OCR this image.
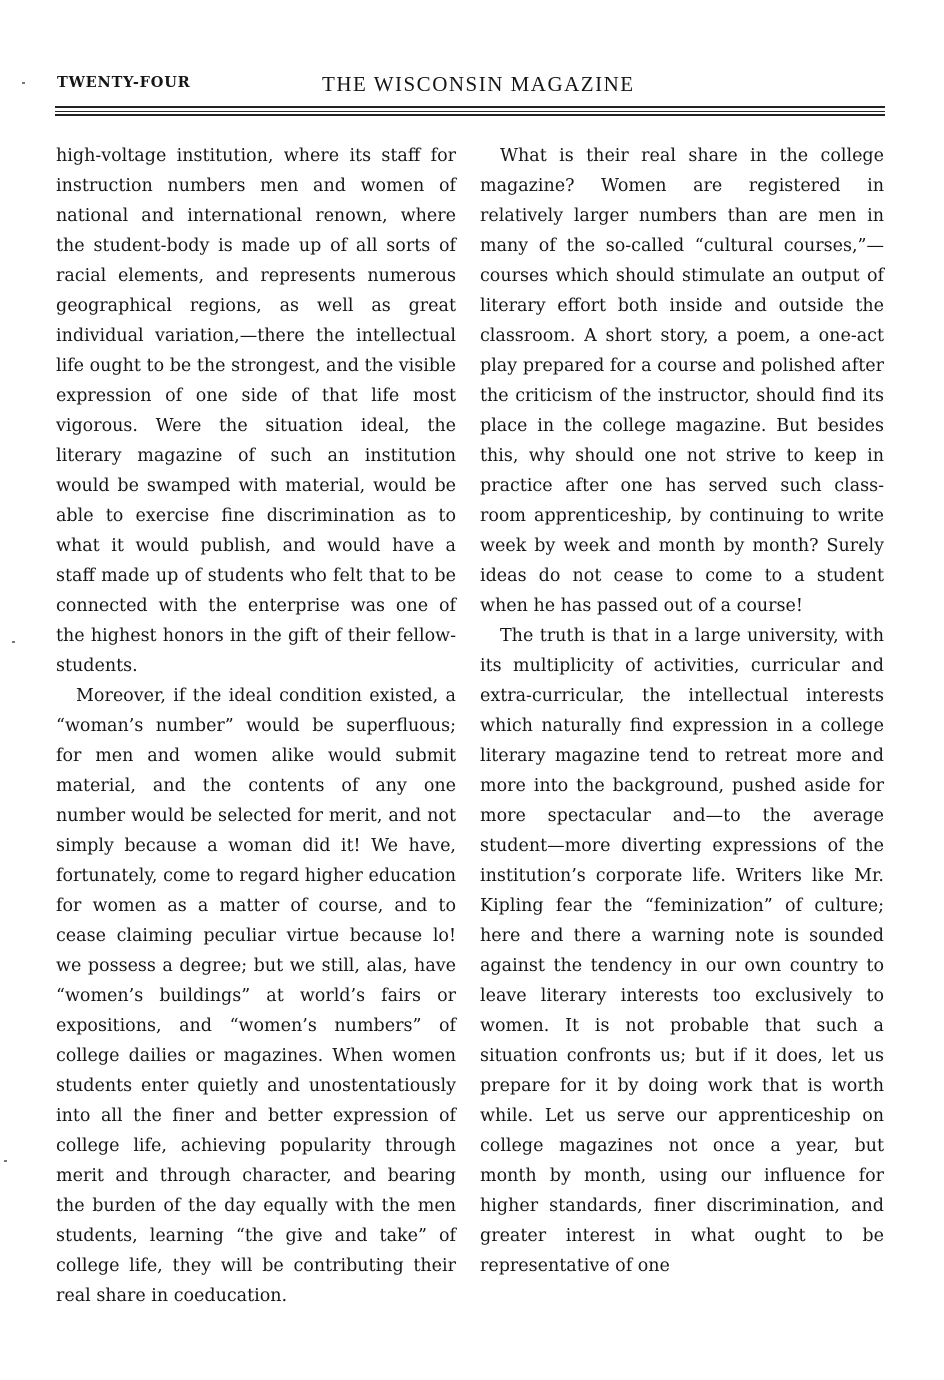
TWENTY-FOUR	THE WISCONSIN MAGAZINE

high-voltage institution, where its staff for instruction numbers men and women of national and international renown, where the student-body is made up of all sorts of racial elements, and represents numerous geographical regions, as well as great individual variation,—there the intellectual life ought to be the strongest, and the visible expression of one side of that life most vigorous. Were the situation ideal, the literary magazine of such an institution would be swamped with material, would be able to exercise fine discrimination as to what it would publish, and would have a staff made up of students who felt that to be connected with the enterprise was one of the highest honors in the gift of their fellow-students.

Moreover, if the ideal condition existed, a “woman’s number” would be superfluous; for men and women alike would submit material, and the contents of any one number would be selected for merit, and not simply because a woman did it! We have, fortunately, come to regard higher education for women as a matter of course, and to cease claiming peculiar virtue because lo! we possess a degree; but we still, alas, have “women’s buildings” at world’s fairs or expositions, and “women’s numbers” of college dailies or magazines. When women students enter quietly and unostentatiously into all the finer and better expression of college life, achieving popularity through merit and through character, and bearing the burden of the day equally with the men students, learning “the give and take” of college life, they will be contributing their real share in coeducation.

What is their real share in the college magazine? Women are registered in relatively larger numbers than are men in many of the so-called “cultural courses,”—courses which should stimulate an output of literary effort both inside and outside the classroom. A short story, a poem, a one-act play prepared for a course and polished after the criticism of the instructor, should find its place in the college magazine. But besides this, why should one not strive to keep in practice after one has served such class-room apprenticeship, by continuing to write week by week and month by month? Surely ideas do not cease to come to a student when he has passed out of a course!

The truth is that in a large university, with its multiplicity of activities, curricular and extra-curricular, the intellectual interests which naturally find expression in a college literary magazine tend to retreat more and more into the background, pushed aside for more spectacular and—to the average student—more diverting expressions of the institution’s corporate life. Writers like Mr. Kipling fear the “feminization” of culture; here and there a warning note is sounded against the tendency in our own country to leave literary interests too exclusively to women. It is not probable that such a situation confronts us; but if it does, let us prepare for it by doing work that is worth while. Let us serve our apprenticeship on college magazines not once a year, but month by month, using our influence for higher standards, finer discrimination, and greater interest in what ought to be representative of one
